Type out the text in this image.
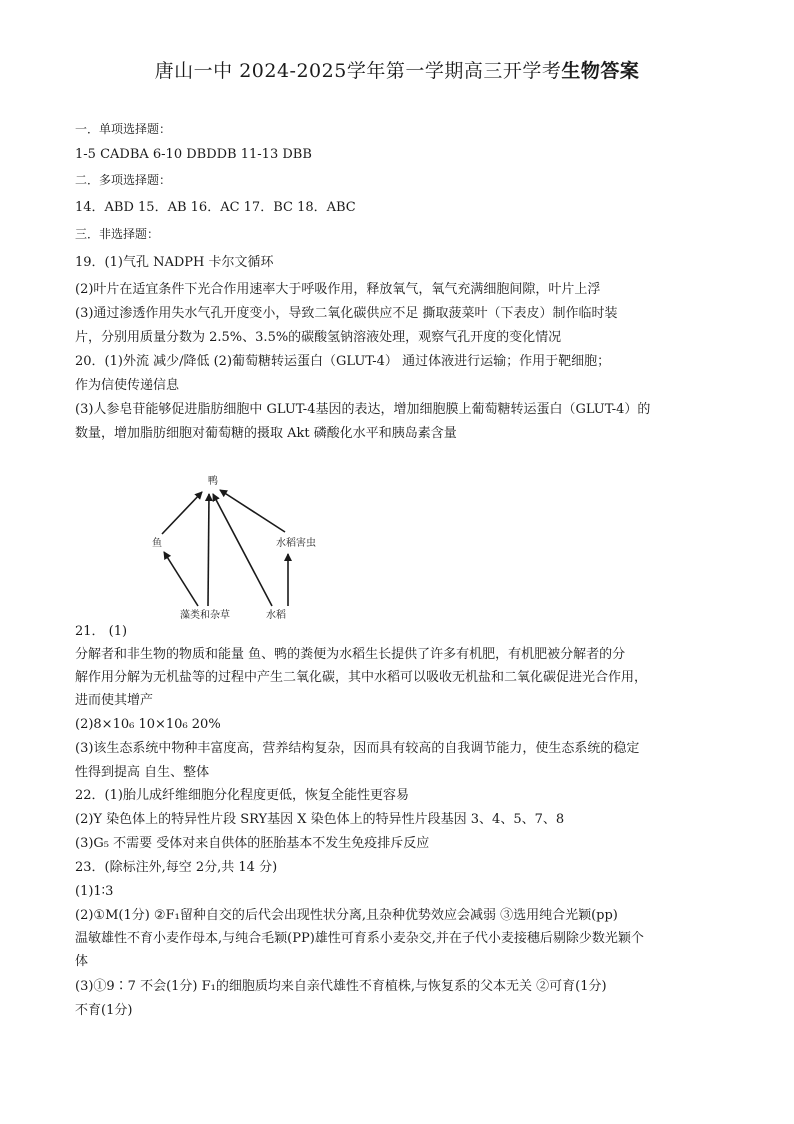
唐山一中 2024-2025学年第一学期高三开学考生物答案
一．单项选择题：
1-5 CADBA 6-10 DBDDB 11-13 DBB
二．多项选择题：
14．ABD 15．AB 16．AC 17．BC 18．ABC
三．非选择题：
19．(1)气孔 NADPH 卡尔文循环
(2)叶片在适宜条件下光合作用速率大于呼吸作用，释放氧气，氧气充满细胞间隙，叶片上浮
(3)通过渗透作用失水气孔开度变小，导致二氧化碳供应不足 撕取菠菜叶（下表皮）制作临时装
片，分别用质量分数为 2.5%、3.5%的碳酸氢钠溶液处理，观察气孔开度的变化情况
20．(1)外流 减少/降低 (2)葡萄糖转运蛋白（GLUT-4） 通过体液进行运输；作用于靶细胞；
作为信使传递信息
(3)人参皂苷能够促进脂肪细胞中 GLUT-4基因的表达，增加细胞膜上葡萄糖转运蛋白（GLUT-4）的
数量，增加脂肪细胞对葡萄糖的摄取 Akt 磷酸化水平和胰岛素含量
鸭
鱼	水稻害虫
藻类和杂草	水稻
21． (1)
分解者和非生物的物质和能量 鱼、鸭的粪便为水稻生长提供了许多有机肥，有机肥被分解者的分
解作用分解为无机盐等的过程中产生二氧化碳，其中水稻可以吸收无机盐和二氧化碳促进光合作用，
进而使其增产
(2)8×10₆ 10×10₆ 20%
(3)该生态系统中物种丰富度高，营养结构复杂，因而具有较高的自我调节能力，使生态系统的稳定
性得到提高 自生、整体
22．(1)胎儿成纤维细胞分化程度更低，恢复全能性更容易
(2)Y 染色体上的特异性片段 SRY基因 X 染色体上的特异性片段基因 3、4、5、7、8
(3)G₅ 不需要 受体对来自供体的胚胎基本不发生免疫排斥反应
23．(除标注外,每空 2分,共 14 分)
(1)1∶3
(2)①M(1分) ②F₁留种自交的后代会出现性状分离,且杂种优势效应会减弱 ③选用纯合光颖(pp)
温敏雄性不育小麦作母本,与纯合毛颖(PP)雄性可育系小麦杂交,并在子代小麦接穗后剔除少数光颖个
体
(3)①9∶7 不会(1分) F₁的细胞质均来自亲代雄性不育植株,与恢复系的父本无关 ②可育(1分)
不育(1分)
